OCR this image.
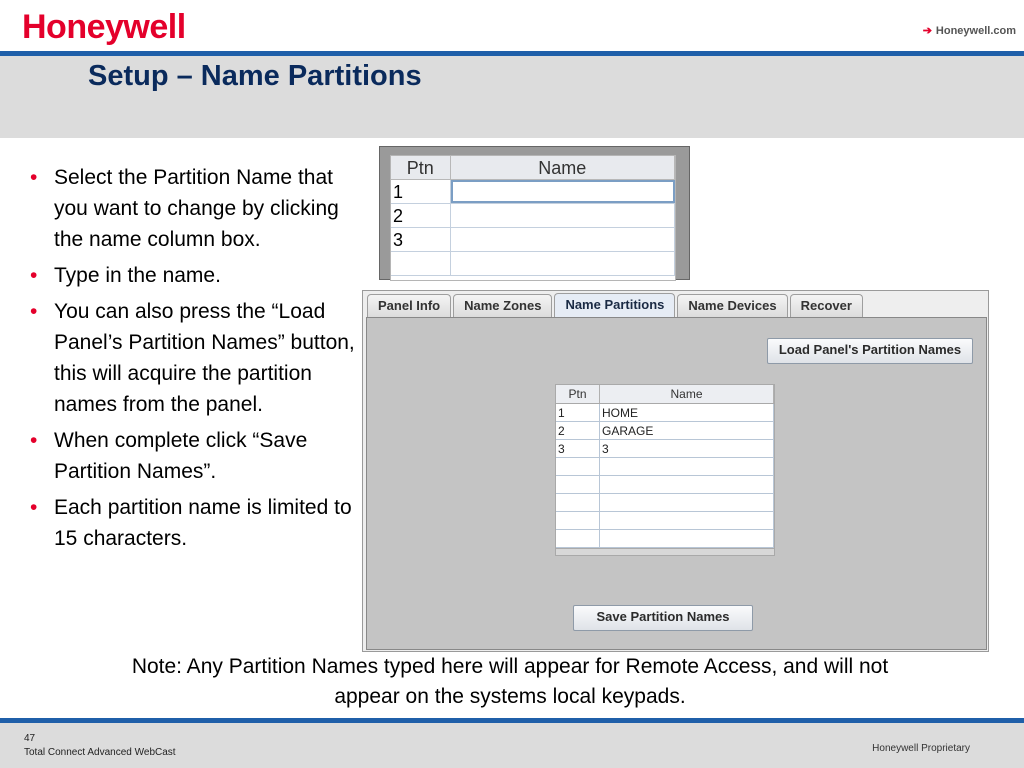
Honeywell	➔ Honeywell.com
Setup – Name Partitions
• Select the Partition Name that you want to change by clicking the name column box.
• Type in the name.
• You can also press the “Load Panel’s Partition Names” button, this will acquire the partition names from the panel.
• When complete click “Save Partition Names”.
• Each partition name is limited to 15 characters.
Ptn	Name
1
2
3
Panel Info	Name Zones	Name Partitions	Name Devices	Recover
Load Panel's Partition Names
Ptn	Name
1	HOME
2	GARAGE
3	3
Save Partition Names
Note: Any Partition Names typed here will appear for Remote Access, and will not appear on the systems local keypads.
47
Total Connect Advanced WebCast	Honeywell Proprietary
